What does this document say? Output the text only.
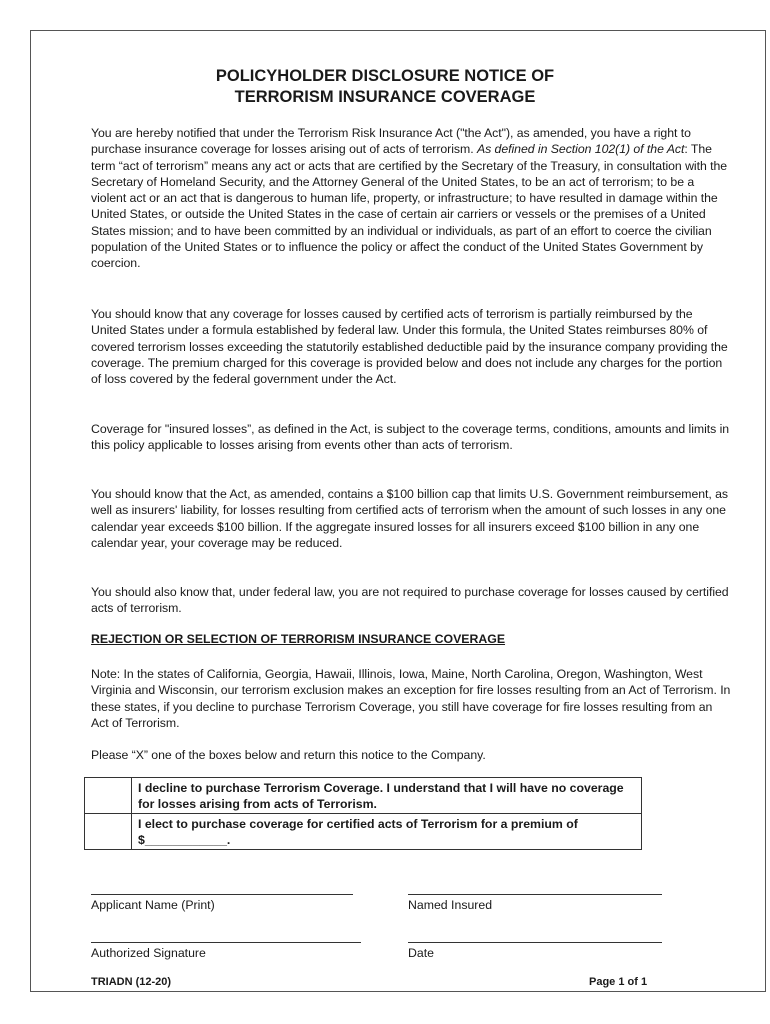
POLICYHOLDER DISCLOSURE NOTICE OF
TERRORISM INSURANCE COVERAGE

You are hereby notified that under the Terrorism Risk Insurance Act ("the Act"), as amended, you have a right to purchase insurance coverage for losses arising out of acts of terrorism. As defined in Section 102(1) of the Act: The term “act of terrorism” means any act or acts that are certified by the Secretary of the Treasury, in consultation with the Secretary of Homeland Security, and the Attorney General of the United States, to be an act of terrorism; to be a violent act or an act that is dangerous to human life, property, or infrastructure; to have resulted in damage within the United States, or outside the United States in the case of certain air carriers or vessels or the premises of a United States mission; and to have been committed by an individual or individuals, as part of an effort to coerce the civilian population of the United States or to influence the policy or affect the conduct of the United States Government by coercion.

You should know that any coverage for losses caused by certified acts of terrorism is partially reimbursed by the United States under a formula established by federal law. Under this formula, the United States reimburses 80% of covered terrorism losses exceeding the statutorily established deductible paid by the insurance company providing the coverage. The premium charged for this coverage is provided below and does not include any charges for the portion of loss covered by the federal government under the Act.

Coverage for "insured losses”, as defined in the Act, is subject to the coverage terms, conditions, amounts and limits in this policy applicable to losses arising from events other than acts of terrorism.

You should know that the Act, as amended, contains a $100 billion cap that limits U.S. Government reimbursement, as well as insurers' liability, for losses resulting from certified acts of terrorism when the amount of such losses in any one calendar year exceeds $100 billion. If the aggregate insured losses for all insurers exceed $100 billion in any one calendar year, your coverage may be reduced.

You should also know that, under federal law, you are not required to purchase coverage for losses caused by certified acts of terrorism.

REJECTION OR SELECTION OF TERRORISM INSURANCE COVERAGE

Note: In the states of California, Georgia, Hawaii, Illinois, Iowa, Maine, North Carolina, Oregon, Washington, West Virginia and Wisconsin, our terrorism exclusion makes an exception for fire losses resulting from an Act of Terrorism. In these states, if you decline to purchase Terrorism Coverage, you still have coverage for fire losses resulting from an Act of Terrorism.

Please “X” one of the boxes below and return this notice to the Company.

	I decline to purchase Terrorism Coverage. I understand that I will have no coverage for losses arising from acts of Terrorism.
	I elect to purchase coverage for certified acts of Terrorism for a premium of $____________.

Applicant Name (Print)	Named Insured

Authorized Signature	Date

TRIADN (12-20)	Page 1 of 1
